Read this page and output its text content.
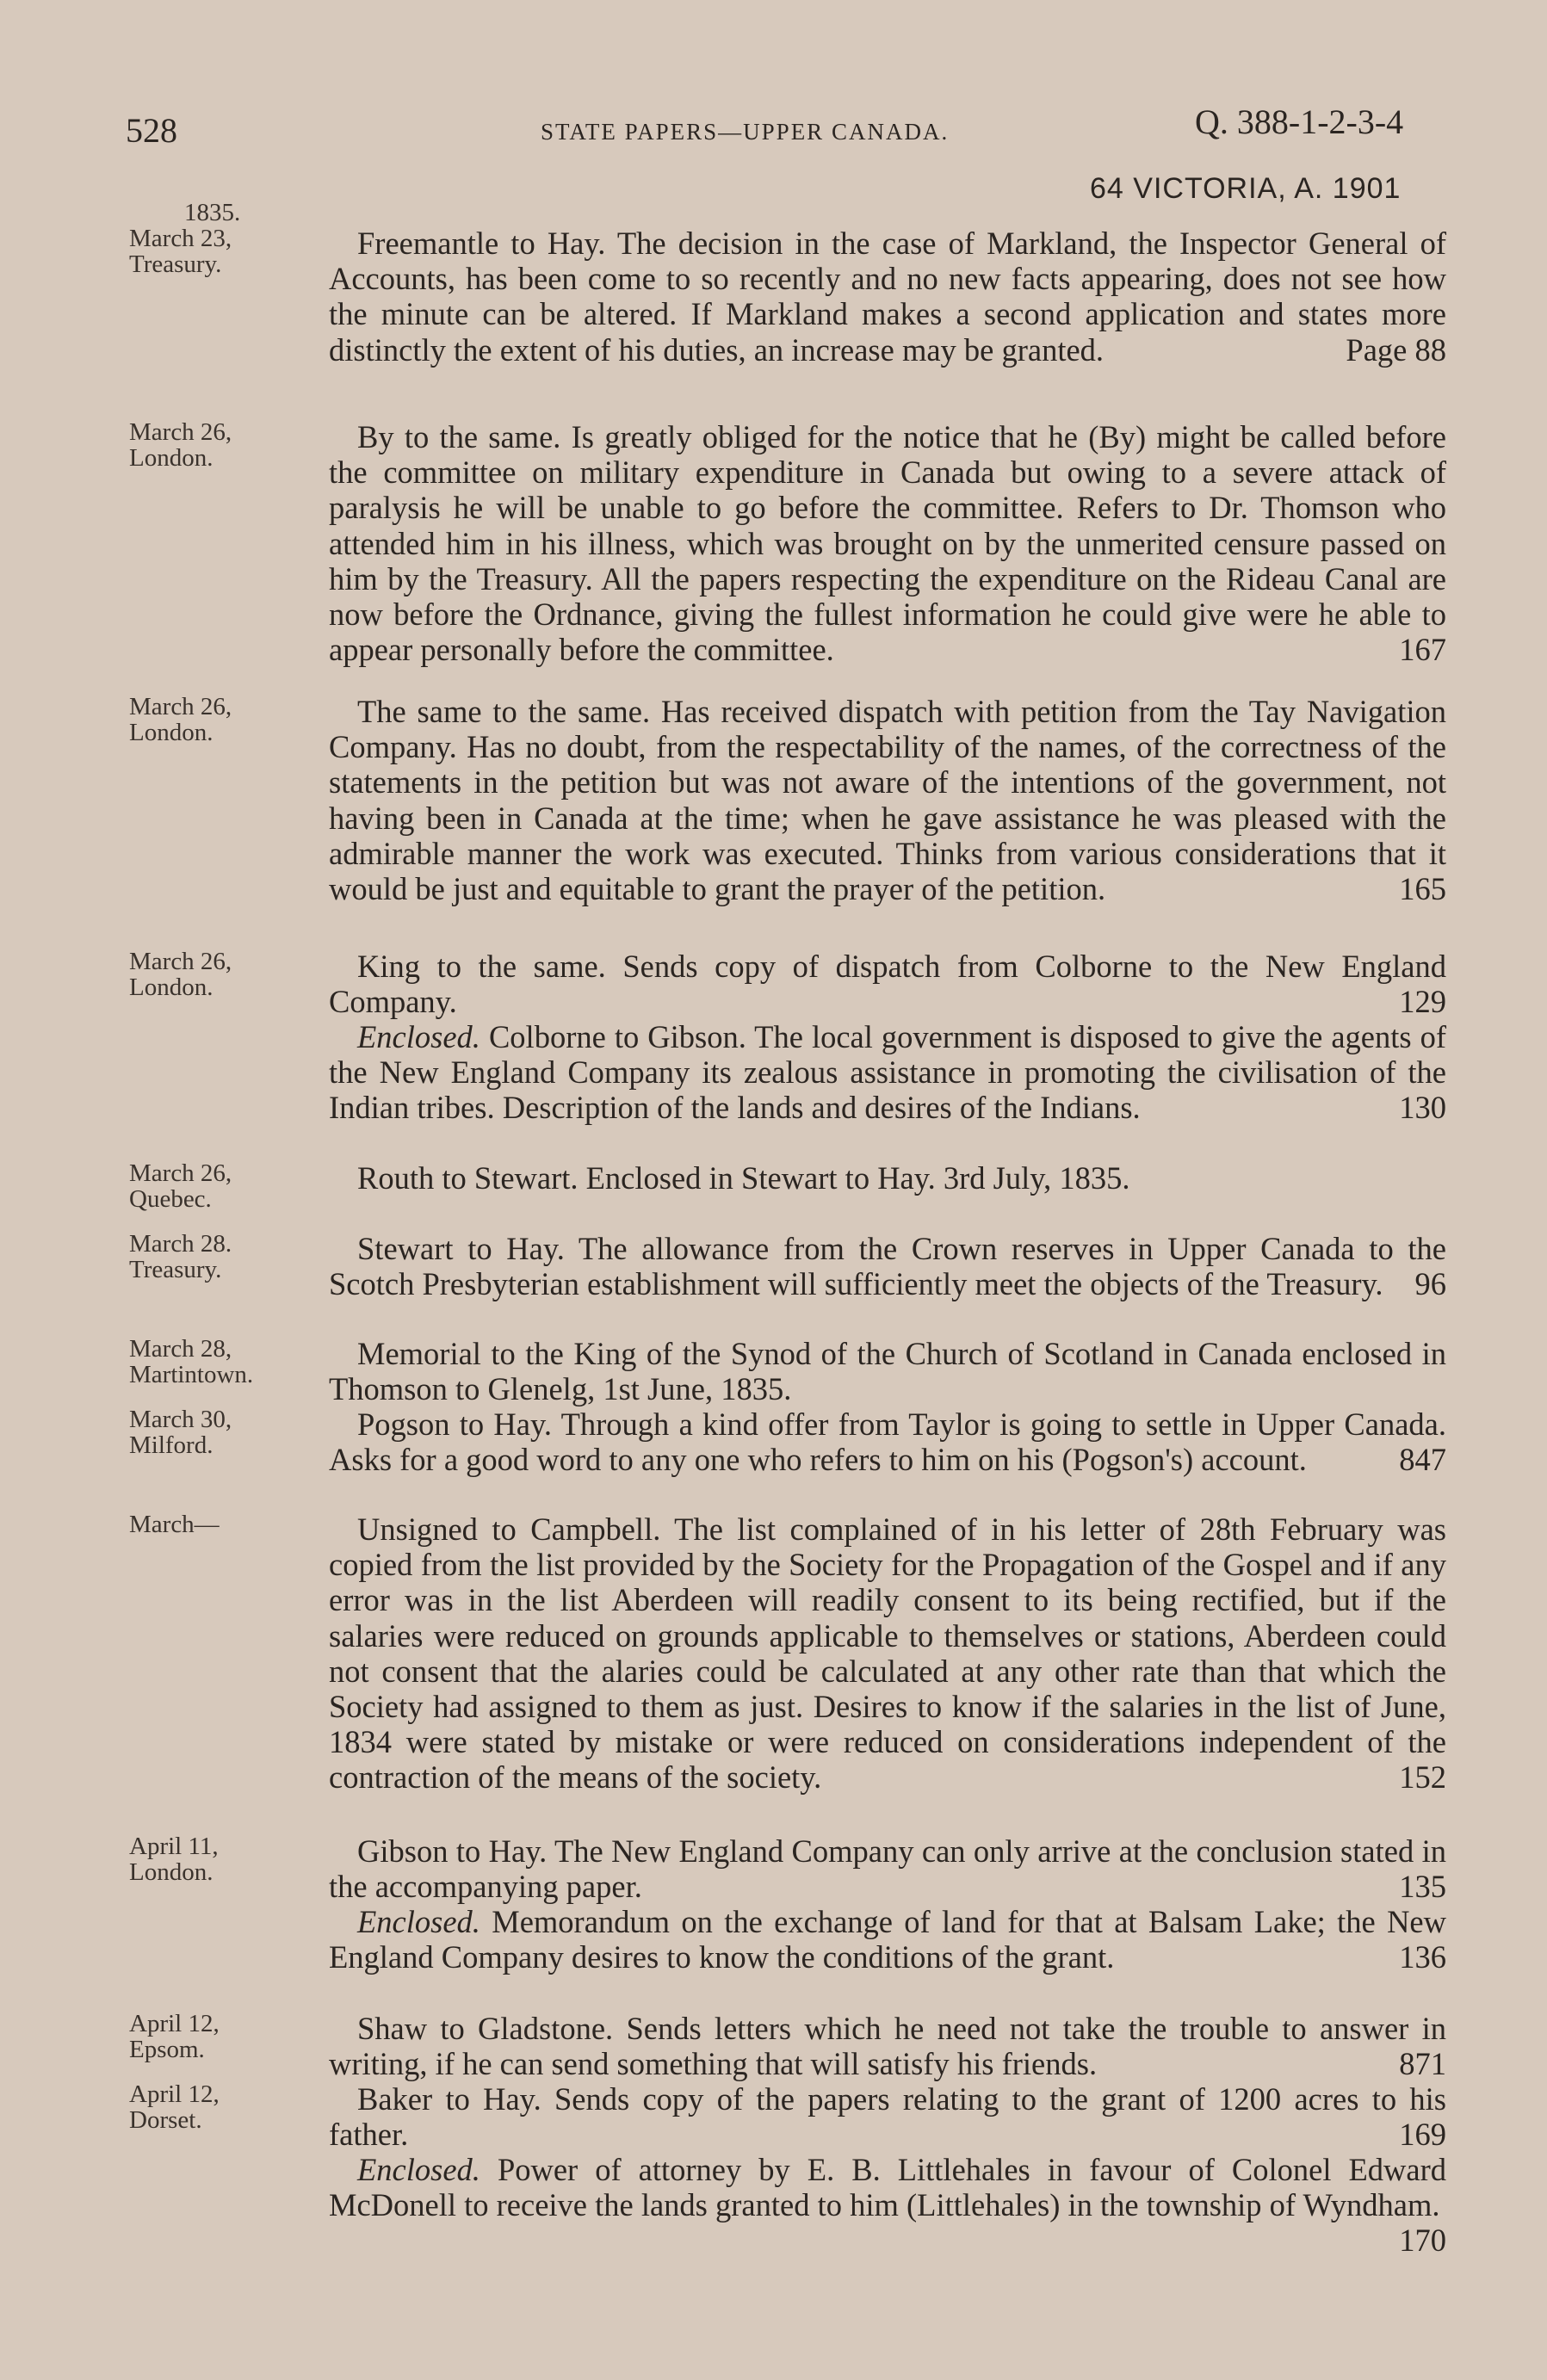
528	STATE PAPERS—UPPER CANADA.	Q. 388-1-2-3-4
64 VICTORIA, A. 1901
1835.
March 23,
Treasury.
Freemantle to Hay. The decision in the case of Markland, the Inspector General of Accounts, has been come to so recently and no new facts appearing, does not see how the minute can be altered. If Markland makes a second application and states more distinctly the extent of his duties, an increase may be granted.	Page 88
March 26,
London.
By to the same. Is greatly obliged for the notice that he (By) might be called before the committee on military expenditure in Canada but owing to a severe attack of paralysis he will be unable to go before the committee. Refers to Dr. Thomson who attended him in his illness, which was brought on by the unmerited censure passed on him by the Treasury. All the papers respecting the expenditure on the Rideau Canal are now before the Ordnance, giving the fullest information he could give were he able to appear personally before the committee.	167
March 26,
London.
The same to the same. Has received dispatch with petition from the Tay Navigation Company. Has no doubt, from the respectability of the names, of the correctness of the statements in the petition but was not aware of the intentions of the government, not having been in Canada at the time; when he gave assistance he was pleased with the admirable manner the work was executed. Thinks from various considerations that it would be just and equitable to grant the prayer of the petition.	165
March 26,
London.
King to the same. Sends copy of dispatch from Colborne to the New England Company.	129
Enclosed. Colborne to Gibson. The local government is disposed to give the agents of the New England Company its zealous assistance in promoting the civilisation of the Indian tribes. Description of the lands and desires of the Indians.	130
March 26,
Quebec.
Routh to Stewart. Enclosed in Stewart to Hay. 3rd July, 1835.
March 28.
Treasury.
Stewart to Hay. The allowance from the Crown reserves in Upper Canada to the Scotch Presbyterian establishment will sufficiently meet the objects of the Treasury. 96
March 28,
Martintown.
Memorial to the King of the Synod of the Church of Scotland in Canada enclosed in Thomson to Glenelg, 1st June, 1835.
March 30,
Milford.
Pogson to Hay. Through a kind offer from Taylor is going to settle in Upper Canada. Asks for a good word to any one who refers to him on his (Pogson's) account.	847
March—	Unsigned to Campbell. The list complained of in his letter of 28th February was copied from the list provided by the Society for the Propagation of the Gospel and if any error was in the list Aberdeen will readily consent to its being rectified, but if the salaries were reduced on grounds applicable to themselves or stations, Aberdeen could not consent that the alaries could be calculated at any other rate than that which the Society had assigned to them as just. Desires to know if the salaries in the list of June, 1834 were stated by mistake or were reduced on considerations independent of the contraction of the means of the society.	152
April 11,
London.
Gibson to Hay. The New England Company can only arrive at the conclusion stated in the accompanying paper.	135
Enclosed. Memorandum on the exchange of land for that at Balsam Lake; the New England Company desires to know the conditions of the grant.	136
April 12,
Epsom.
Shaw to Gladstone. Sends letters which he need not take the trouble to answer in writing, if he can send something that will satisfy his friends.	871
April 12,
Dorset.
Baker to Hay. Sends copy of the papers relating to the grant of 1200 acres to his father.	169
Enclosed. Power of attorney by E. B. Littlehales in favour of Colonel Edward McDonell to receive the lands granted to him (Littlehales) in the township of Wyndham.
170
